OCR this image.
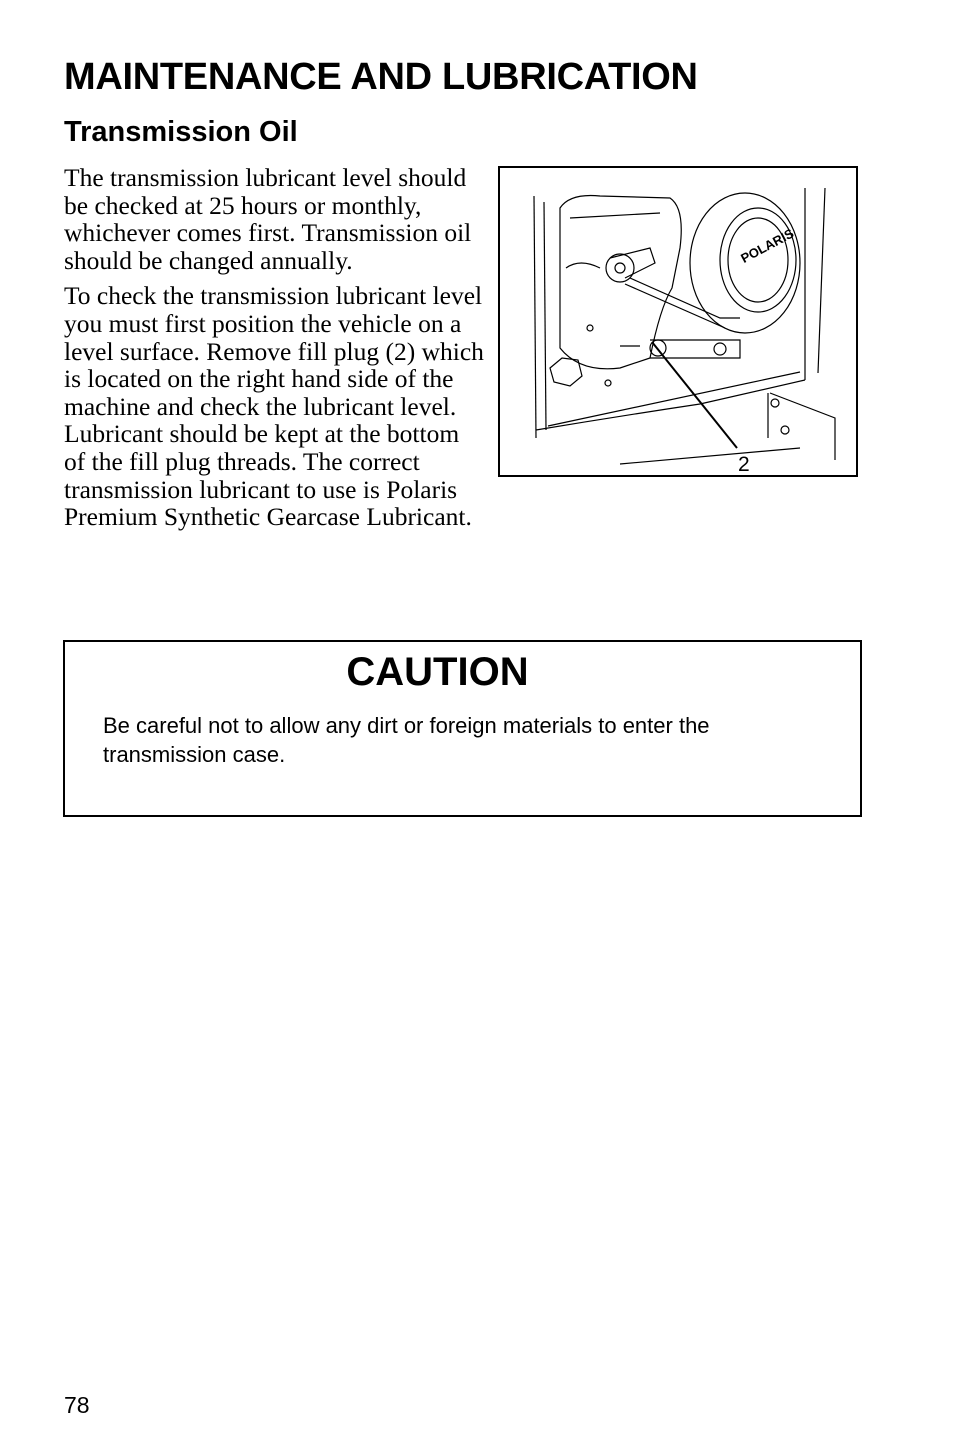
MAINTENANCE AND LUBRICATION
Transmission Oil

The transmission lubricant level should be checked at 25 hours or monthly, whichever comes first. Transmission oil should be changed annually.

To check the transmission lubricant level you must first position the vehicle on a level surface. Remove fill plug (2) which is located on the right hand side of the machine and check the lubricant level. Lubricant should be kept at the bottom of the fill plug threads. The correct transmission lubricant to use is Polaris Premium Synthetic Gearcase Lubricant.

POLARIS
2
CAUTION
Be careful not to allow any dirt or foreign materials to enter the transmission case.
78
